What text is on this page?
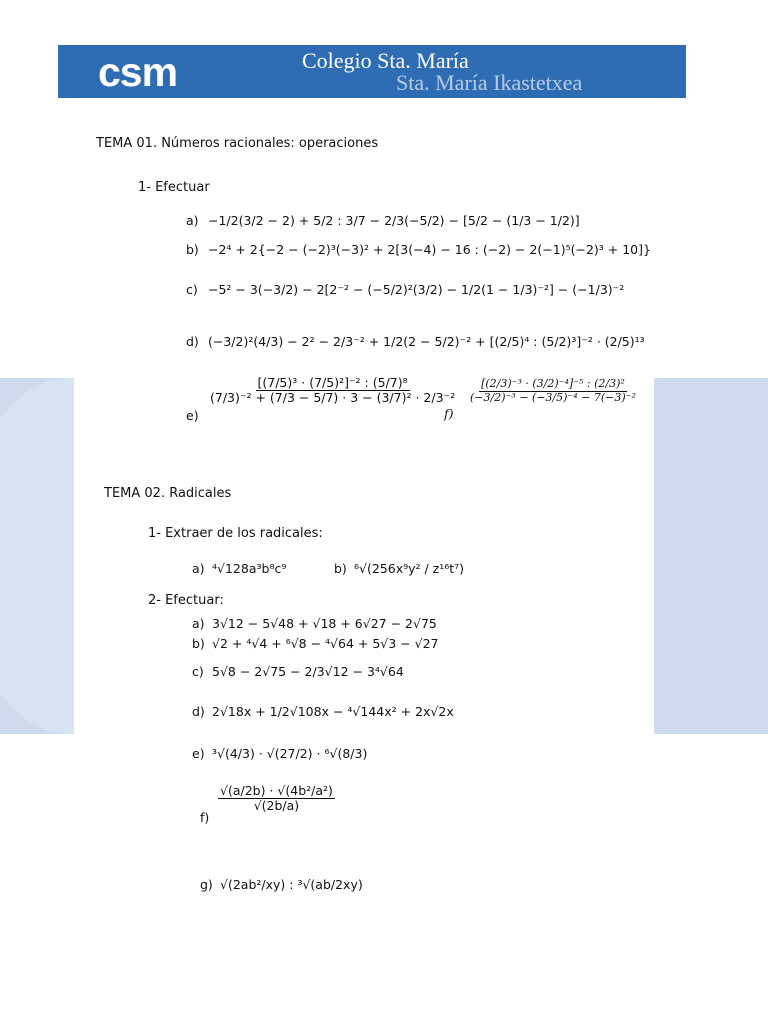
csm	Colegio Sta. María
Sta. María Ikastetxea
TEMA 01. Números racionales: operaciones
1- Efectuar
a) −1/2(3/2 − 2) + 5/2 : 3/7 − 2/3(−5/2) − [5/2 − (1/3 − 1/2)]
b) −2⁴ + 2{−2 − (−2)³(−3)² + 2[3(−4) − 16 : (−2) − 2(−1)⁵(−2)³ + 10]}
c) −5² − 3(−3/2) − 2[2⁻² − (−5/2)²(3/2) − 1/2(1 − 1/3)⁻²] − (−1/3)⁻²
d) (−3/2)²(4/3) − 2² − 2/3⁻² + 1/2(2 − 5/2)⁻² + [(2/5)⁴ : (5/2)³]⁻² · (2/5)¹³
e)
$\frac{\text{[(7/5)³ · (7/5)²]⁻² : (5/7)⁸}}{\text{(7/3)⁻² + (7/3 − 5/7) · 3 − (3/7)² · 2/3⁻²}}$
f)
$\frac{\text{[(2/3)⁻³ · (3/2)⁻⁴]⁻⁵ : (2/3)²}}{\text{(−3/2)⁻³ − (−3/5)⁻⁴ − 7(−3)⁻²}}$
TEMA 02. Radicales
1- Extraer de los radicales:
a) ⁴√128a³b⁸c⁹	b) ⁶√(256x⁹y² / z¹⁶t⁷)
2- Efectuar:
a) 3√12 − 5√48 + √18 + 6√27 − 2√75
b) √2 + ⁴√4 + ⁶√8 − ⁴√64 + 5√3 − √27
c) 5√8 − 2√75 − 2/3√12 − 3⁴√64
d) 2√18x + 1/2√108x − ⁴√144x² + 2x√2x
e) ³√(4/3) · √(27/2) · ⁶√(8/3)
f)
$\frac{\text{√(a/2b) · √(4b²/a²)}}{√(2b/a)}$
g) √(2ab²/xy) : ³√(ab/2xy)
